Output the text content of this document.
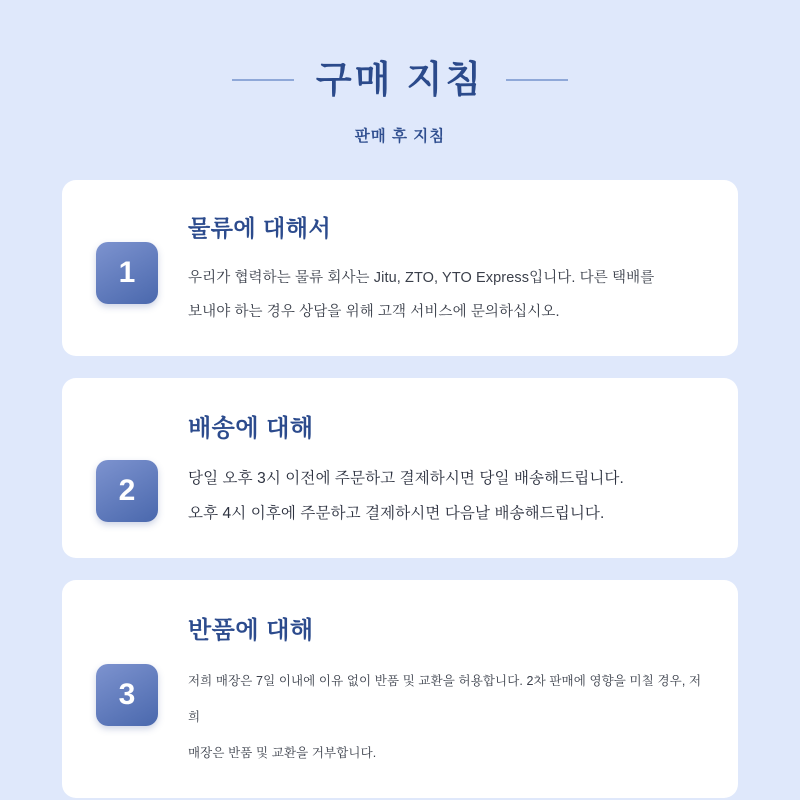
구매 지침
판매 후 지침
1
물류에 대해서
우리가 협력하는 물류 회사는 Jitu, ZTO, YTO Express입니다. 다른 택배를
보내야 하는 경우 상담을 위해 고객 서비스에 문의하십시오.
2
배송에 대해
당일 오후 3시 이전에 주문하고 결제하시면 당일 배송해드립니다.
오후 4시 이후에 주문하고 결제하시면 다음날 배송해드립니다.
3
반품에 대해
저희 매장은 7일 이내에 이유 없이 반품 및 교환을 허용합니다. 2차 판매에 영향을 미칠 경우, 저희
매장은 반품 및 교환을 거부합니다.
